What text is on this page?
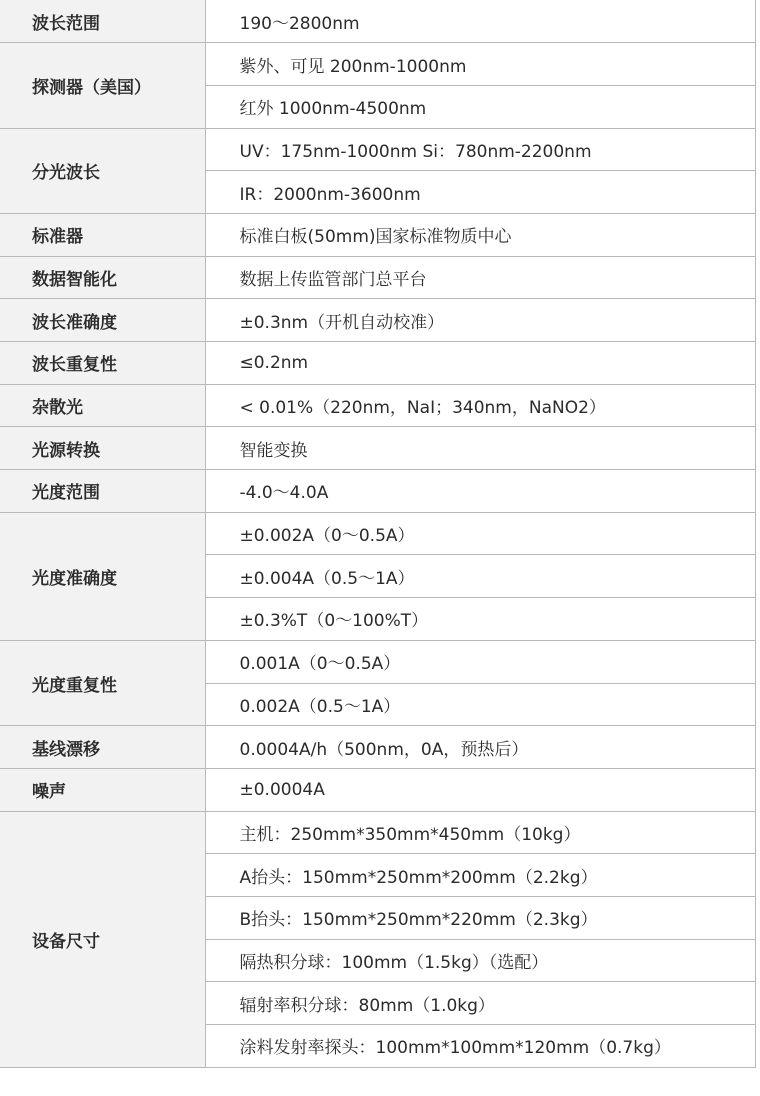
波长范围	190～2800nm
探测器（美国）	紫外、可见 200nm-1000nm
	红外 1000nm-4500nm
分光波长	UV：175nm-1000nm Si：780nm-2200nm
	IR：2000nm-3600nm
标准器	标准白板(50mm)国家标准物质中心
数据智能化	数据上传监管部门总平台
波长准确度	±0.3nm（开机自动校准）
波长重复性	≤0.2nm
杂散光	< 0.01%（220nm，NaI；340nm，NaNO2）
光源转换	智能变换
光度范围	-4.0～4.0A
光度准确度	±0.002A（0～0.5A）
	±0.004A（0.5～1A）
	±0.3%T（0～100%T）
光度重复性	0.001A（0～0.5A）
	0.002A（0.5～1A）
基线漂移	0.0004A/h（500nm，0A，预热后）
噪声	±0.0004A
设备尺寸	主机：250mm*350mm*450mm（10kg）
	A抬头：150mm*250mm*200mm（2.2kg）
	B抬头：150mm*250mm*220mm（2.3kg）
	隔热积分球：100mm（1.5kg）（选配）
	辐射率积分球：80mm（1.0kg）
	涂料发射率探头：100mm*100mm*120mm（0.7kg）
